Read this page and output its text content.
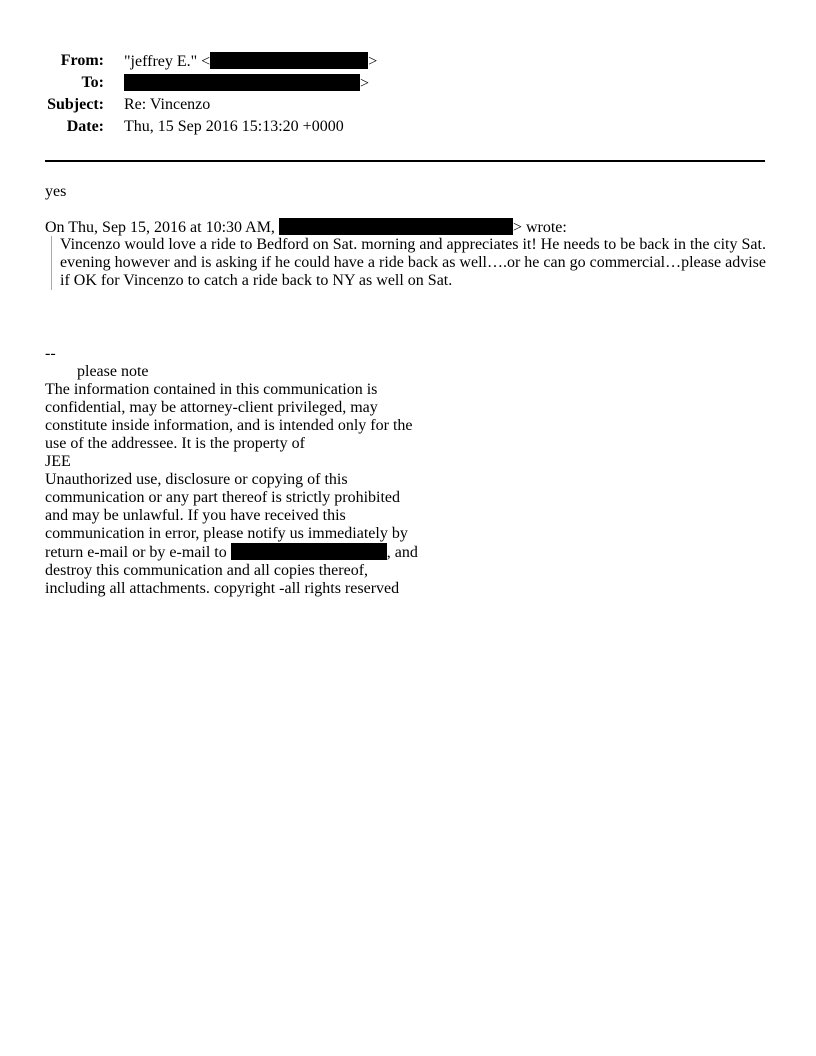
From: "jeffrey E." <	>
To:	>
Subject: Re: Vincenzo
Date: Thu, 15 Sep 2016 15:13:20 +0000
yes
On Thu, Sep 15, 2016 at 10:30 AM,	> wrote:
Vincenzo would love a ride to Bedford on Sat. morning and appreciates it! He needs to be back in the city Sat. evening however and is asking if he could have a ride back as well….or he can go commercial…please advise if OK for Vincenzo to catch a ride back to NY as well on Sat.

--

please note

The information contained in this communication is confidential, may be attorney-client privileged, may constitute inside information, and is intended only for the use of the addressee. It is the property of

JEE

Unauthorized use, disclosure or copying of this communication or any part thereof is strictly prohibited and may be unlawful. If you have received this communication in error, please notify us immediately by return e-mail or by e-mail to	, and destroy this communication and all copies thereof, including all attachments. copyright -all rights reserved
